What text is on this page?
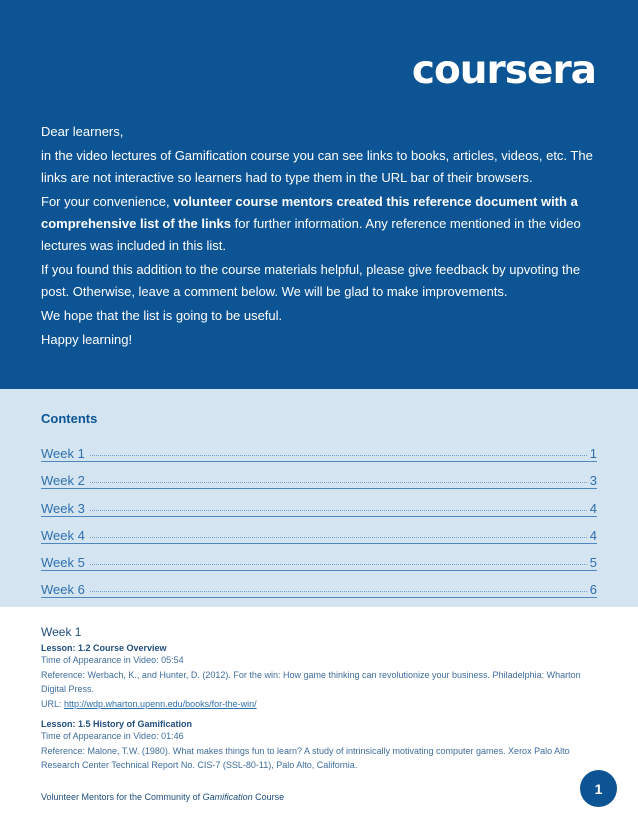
coursera

Dear learners,

in the video lectures of Gamification course you can see links to books, articles, videos, etc. The links are not interactive so learners had to type them in the URL bar of their browsers.

For your convenience, volunteer course mentors created this reference document with a comprehensive list of the links for further information. Any reference mentioned in the video lectures was included in this list.

If you found this addition to the course materials helpful, please give feedback by upvoting the post. Otherwise, leave a comment below. We will be glad to make improvements.

We hope that the list is going to be useful.

Happy learning!

Contents
Week 1	1
Week 2	3
Week 3	4
Week 4	4
Week 5	5
Week 6	6
Week 1
Lesson: 1.2 Course Overview
Time of Appearance in Video: 05:54
Reference: Werbach, K., and Hunter, D. (2012). For the win: How game thinking can revolutionize your business. Philadelphia: Wharton Digital Press.
URL: http://wdp.wharton.upenn.edu/books/for-the-win/
Lesson: 1.5 History of Gamification
Time of Appearance in Video: 01:46
Reference: Malone, T.W. (1980). What makes things fun to learn? A study of intrinsically motivating computer games. Xerox Palo Alto Research Center Technical Report No. CIS-7 (SSL-80-11), Palo Alto, California.
Volunteer Mentors for the Community of Gamification Course
1
